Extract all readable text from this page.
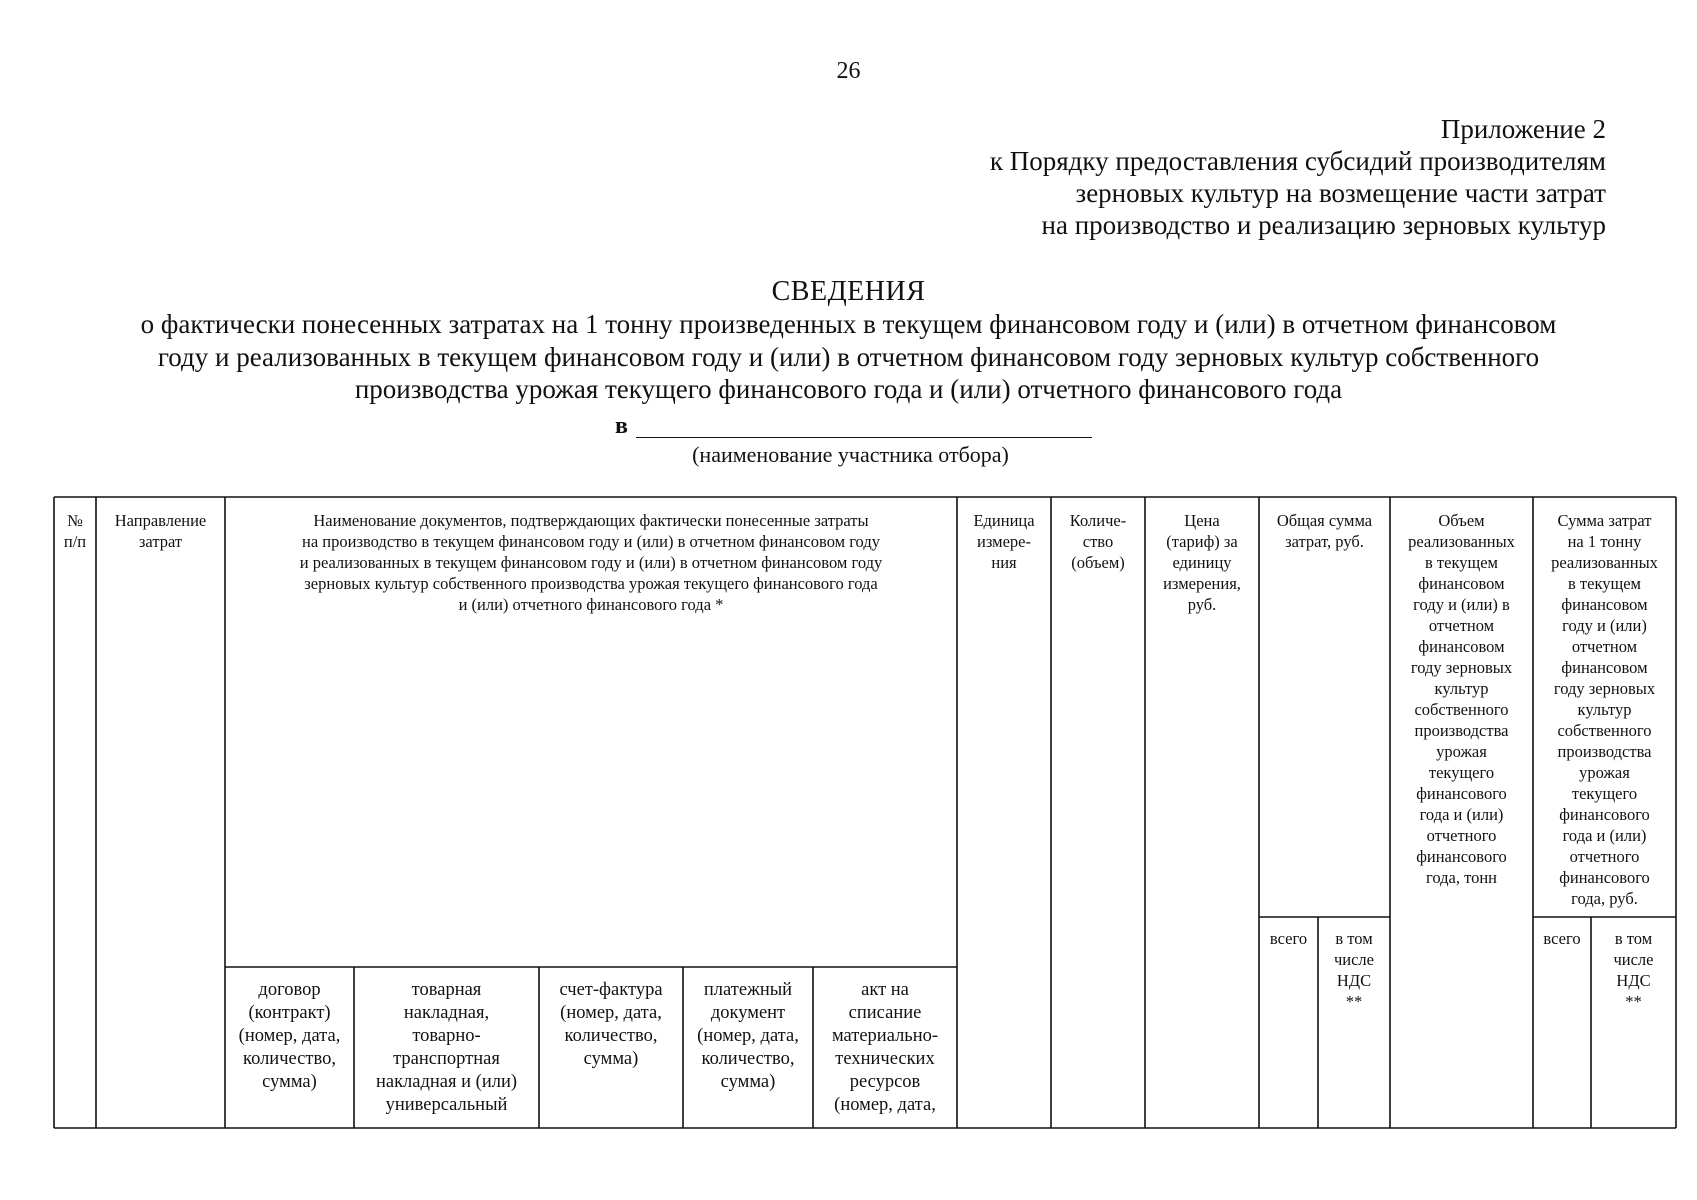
26
Приложение 2
к Порядку предоставления субсидий производителям
зерновых культур на возмещение части затрат
на производство и реализацию зерновых культур
СВЕДЕНИЯ
о фактически понесенных затратах на 1 тонну произведенных в текущем финансовом году и (или) в отчетном финансовом
году и реализованных в текущем финансовом году и (или) в отчетном финансовом году зерновых культур собственного
производства урожая текущего финансового года и (или) отчетного финансового года
в
(наименование участника отбора)
№
п/п
Направление
затрат
Наименование документов, подтверждающих фактически понесенные затраты
на производство в текущем финансовом году и (или) в отчетном финансовом году
и реализованных в текущем финансовом году и (или) в отчетном финансовом году
зерновых культур собственного производства урожая текущего финансового года
и (или) отчетного финансового года *
Единица
измере-
ния
Количе-
ство
(объем)
Цена
(тариф) за
единицу
измерения,
руб.
Общая сумма
затрат, руб.
Объем
реализованных
в текущем
финансовом
году и (или) в
отчетном
финансовом
году зерновых
культур
собственного
производства
урожая
текущего
финансового
года и (или)
отчетного
финансового
года, тонн
Сумма затрат
на 1 тонну
реализованных
в текущем
финансовом
году и (или)
отчетном
финансовом
году зерновых
культур
собственного
производства
урожая
текущего
финансового
года и (или)
отчетного
финансового
года, руб.
договор
(контракт)
(номер, дата,
количество,
сумма)
товарная
накладная,
товарно-
транспортная
накладная и (или)
универсальный
счет-фактура
(номер, дата,
количество,
сумма)
платежный
документ
(номер, дата,
количество,
сумма)
акт на
списание
материально-
технических
ресурсов
(номер, дата,
всего	в том
числе
НДС
**
всего	в том
числе
НДС
**
